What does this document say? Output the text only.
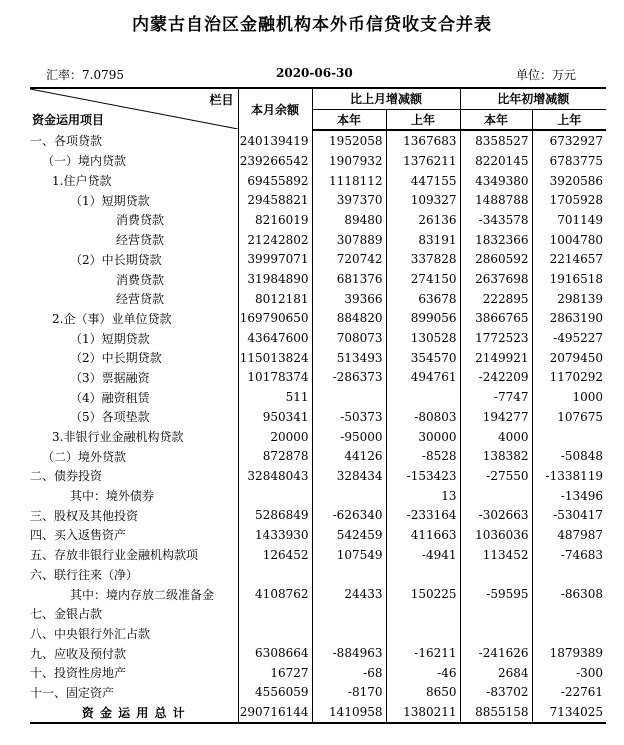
内蒙古自治区金融机构本外币信贷收支合并表
汇率：7.0795	2020-06-30	单位：万元
栏目
资金运用项目	本月余额	比上月增减额		比年初增减额	
		本年	上年	本年	上年
一、各项贷款	240139419	1952058	1367683	8358527	6732927
（一）境内贷款	239266542	1907932	1376211	8220145	6783775
1.住户贷款	69455892	1118112	447155	4349380	3920586
（1）短期贷款	29458821	397370	109327	1488788	1705928
消费贷款	8216019	89480	26136	-343578	701149
经营贷款	21242802	307889	83191	1832366	1004780
（2）中长期贷款	39997071	720742	337828	2860592	2214657
消费贷款	31984890	681376	274150	2637698	1916518
经营贷款	8012181	39366	63678	222895	298139
2.企（事）业单位贷款	169790650	884820	899056	3866765	2863190
（1）短期贷款	43647600	708073	130528	1772523	-495227
（2）中长期贷款	115013824	513493	354570	2149921	2079450
（3）票据融资	10178374	-286373	494761	-242209	1170292
（4）融资租赁	511			-7747	1000
（5）各项垫款	950341	-50373	-80803	194277	107675
3.非银行业金融机构贷款	20000	-95000	30000	4000	
（二）境外贷款	872878	44126	-8528	138382	-50848
二、债券投资	32848043	328434	-153423	-27550	-1338119
其中：境外债券			13		-13496
三、股权及其他投资	5286849	-626340	-233164	-302663	-530417
四、买入返售资产	1433930	542459	411663	1036036	487987
五、存放非银行业金融机构款项	126452	107549	-4941	113452	-74683
六、联行往来（净）					
其中：境内存放二级准备金	4108762	24433	150225	-59595	-86308
七、金银占款					
八、中央银行外汇占款					
九、应收及预付款	6308664	-884963	-16211	-241626	1879389
十、投资性房地产	16727	-68	-46	2684	-300
十一、固定资产	4556059	-8170	8650	-83702	-22761
资 金 运 用 总 计	290716144	1410958	1380211	8855158	7134025
